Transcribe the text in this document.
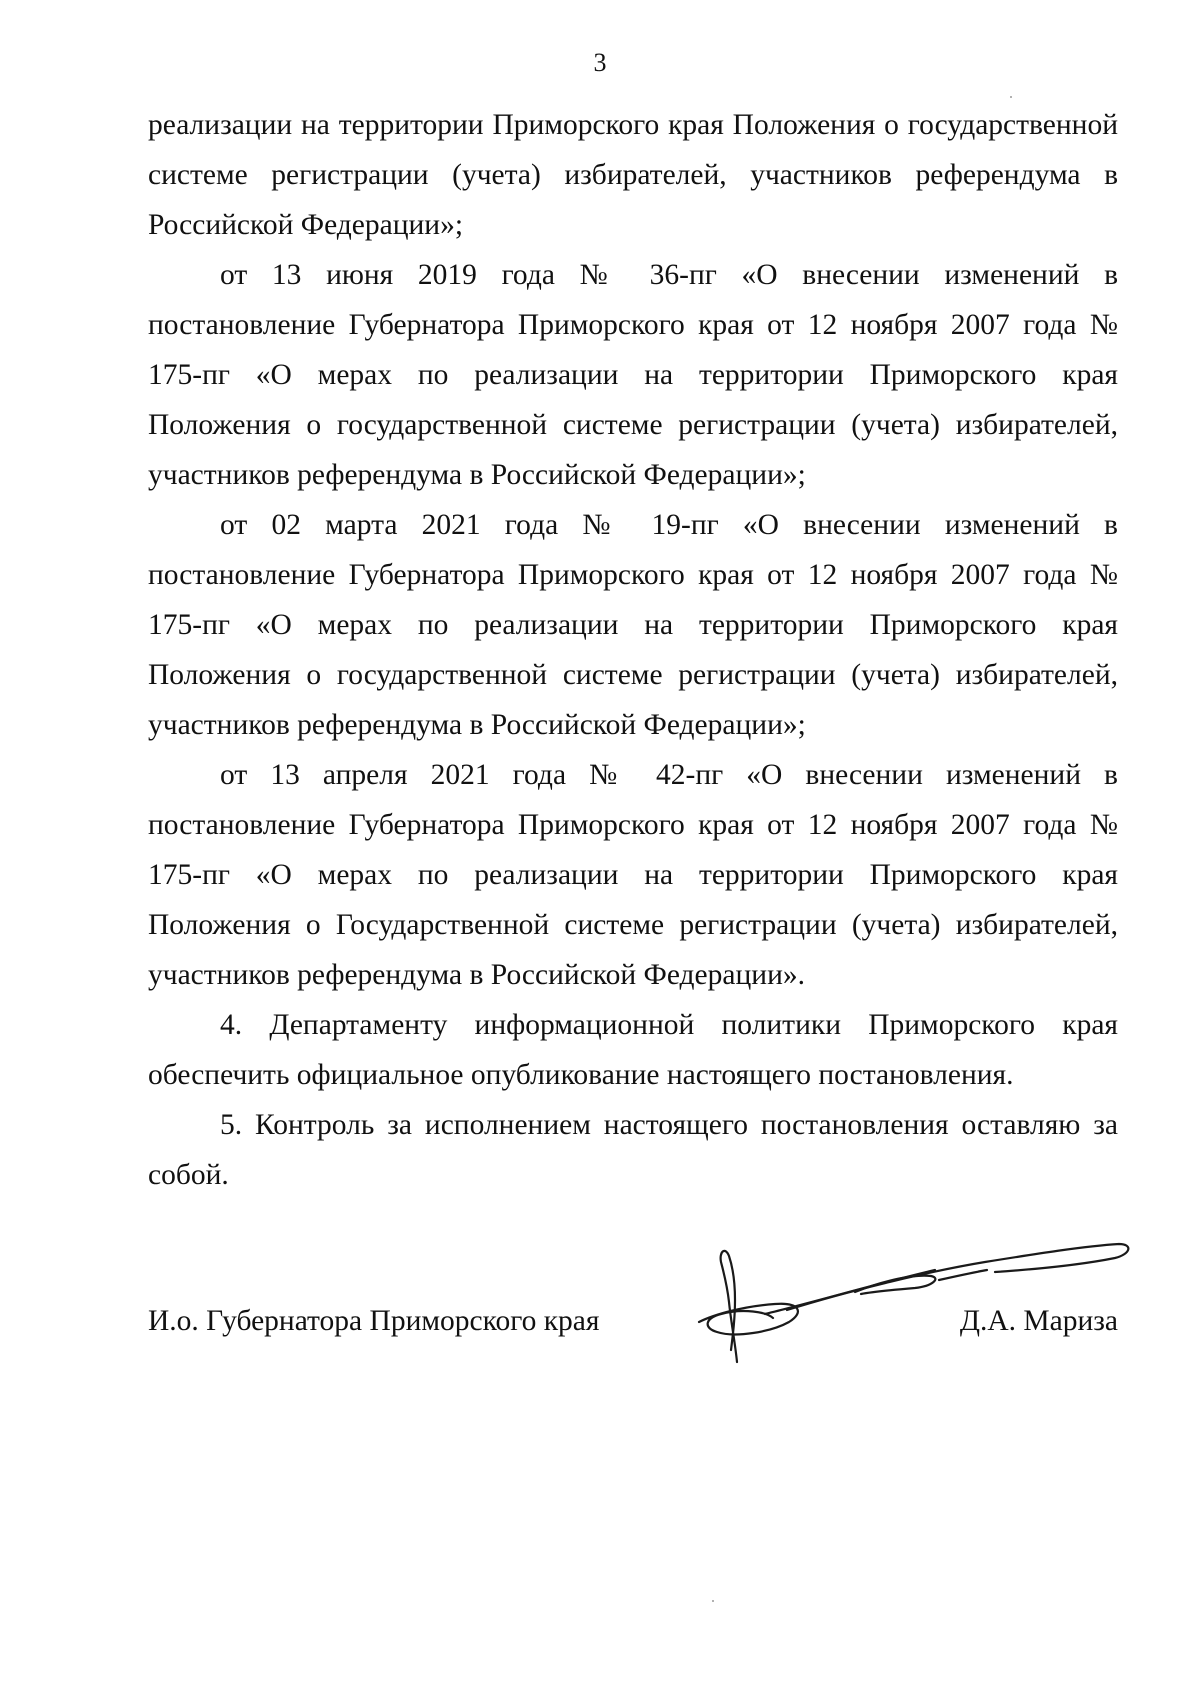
3

реализации на территории Приморского края Положения о государственной системе регистрации (учета) избирателей, участников референдума в Российской Федерации»;

от 13 июня 2019 года № 36-пг «О внесении изменений в постановление Губернатора Приморского края от 12 ноября 2007 года № 175-пг «О мерах по реализации на территории Приморского края Положения о государственной системе регистрации (учета) избирателей, участников референдума в Российской Федерации»;

от 02 марта 2021 года № 19-пг «О внесении изменений в постановление Губернатора Приморского края от 12 ноября 2007 года № 175-пг «О мерах по реализации на территории Приморского края Положения о государственной системе регистрации (учета) избирателей, участников референдума в Российской Федерации»;

от 13 апреля 2021 года № 42-пг «О внесении изменений в постановление Губернатора Приморского края от 12 ноября 2007 года № 175-пг «О мерах по реализации на территории Приморского края Положения о Государственной системе регистрации (учета) избирателей, участников референдума в Российской Федерации».

4. Департаменту информационной политики Приморского края обеспечить официальное опубликование настоящего постановления.

5. Контроль за исполнением настоящего постановления оставляю за собой.

И.о. Губернатора Приморского края	Д.А. Мариза
